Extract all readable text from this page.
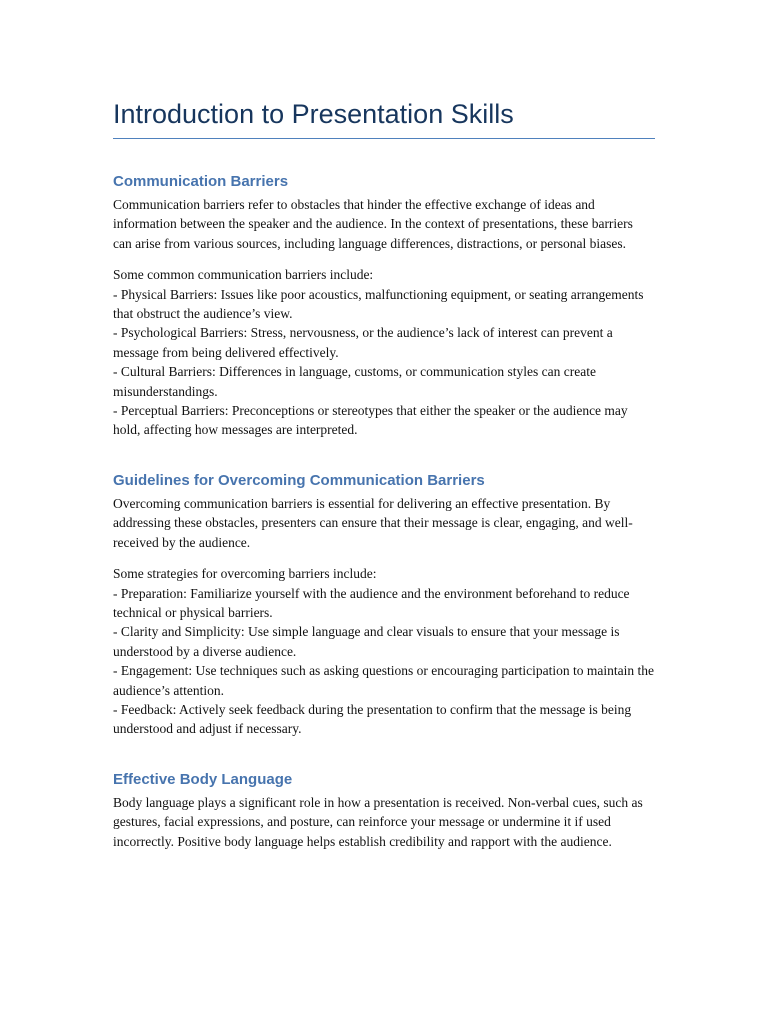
Introduction to Presentation Skills
Communication Barriers

Communication barriers refer to obstacles that hinder the effective exchange of ideas and information between the speaker and the audience. In the context of presentations, these barriers can arise from various sources, including language differences, distractions, or personal biases.

Some common communication barriers include:
- Physical Barriers: Issues like poor acoustics, malfunctioning equipment, or seating arrangements that obstruct the audience’s view.
- Psychological Barriers: Stress, nervousness, or the audience’s lack of interest can prevent a message from being delivered effectively.
- Cultural Barriers: Differences in language, customs, or communication styles can create misunderstandings.
- Perceptual Barriers: Preconceptions or stereotypes that either the speaker or the audience may hold, affecting how messages are interpreted.

Guidelines for Overcoming Communication Barriers

Overcoming communication barriers is essential for delivering an effective presentation. By addressing these obstacles, presenters can ensure that their message is clear, engaging, and well-received by the audience.

Some strategies for overcoming barriers include:
- Preparation: Familiarize yourself with the audience and the environment beforehand to reduce technical or physical barriers.
- Clarity and Simplicity: Use simple language and clear visuals to ensure that your message is understood by a diverse audience.
- Engagement: Use techniques such as asking questions or encouraging participation to maintain the audience’s attention.
- Feedback: Actively seek feedback during the presentation to confirm that the message is being understood and adjust if necessary.

Effective Body Language

Body language plays a significant role in how a presentation is received. Non-verbal cues, such as gestures, facial expressions, and posture, can reinforce your message or undermine it if used incorrectly. Positive body language helps establish credibility and rapport with the audience.
